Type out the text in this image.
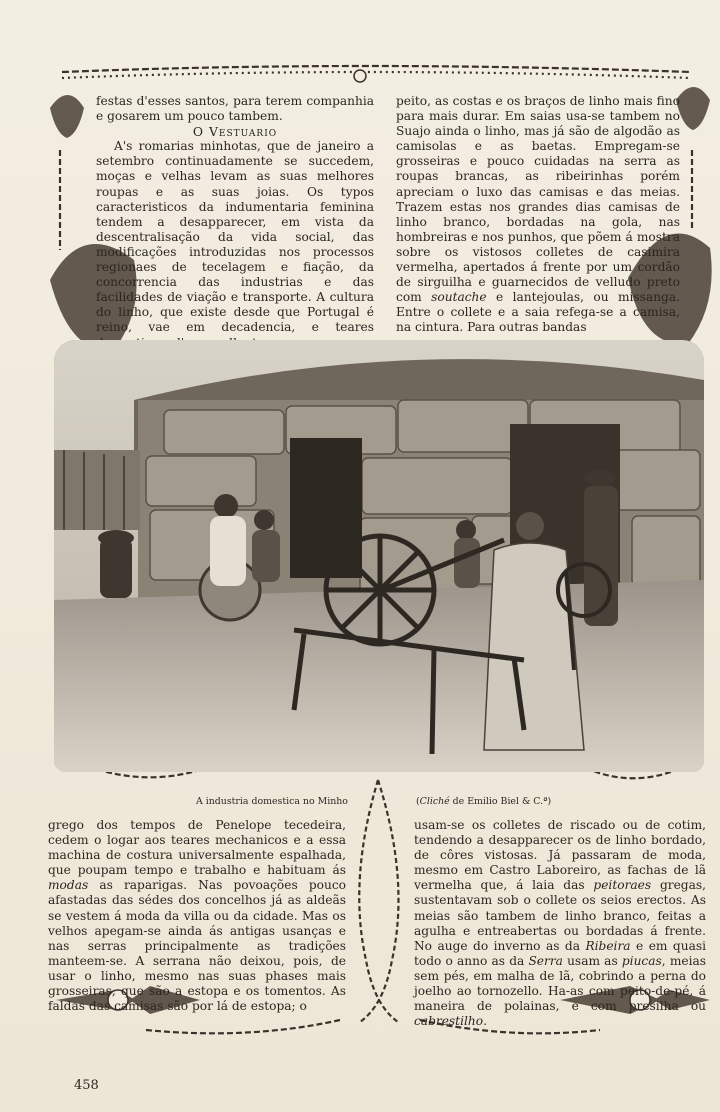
festas d'esses santos, para terem companhia e gosarem um pouco tambem.

O Vestuario

A's romarias minhotas, que de janeiro a setembro continuadamente se succedem, moças e velhas levam as suas melhores roupas e as suas joias. Os typos caracteristicos da indumentaria feminina tendem a desapparecer, em vista da descentralisação da vida social, das modificações introduzidas nos processos regionaes de tecelagem e fiação, da concorrencia das industrias e das facilidades de viação e transporte. A cultura do linho, que existe desde que Portugal é reino, vae em decadencia, e teares

peito, as costas e os braços de linho mais fino para mais durar. Em saias usa-se tambem no Suajo ainda o linho, mas já são de algodão as camisolas e as baetas. Empregam-se grosseiras e pouco cuidadas na serra as roupas brancas, as ribeirinhas porém apreciam o luxo das camisas e das meias. Trazem estas nos grandes dias camisas de linho branco, bordadas na gola, nas hombreiras e nos punhos, que põem á mostra sobre os vistosos colletes de casimira vermelha, apertados á frente por um cordão de sirguilha e guarnecidos de velludo preto com soutache e lantejoulas, ou missanga. Entre o collete e a saia refega-se a camisa, na cintura. Para outras bandas

A industria domestica no Minho	(Cliché de Emilio Biel & C.ª)

grego dos tempos de Penelope tecedeira, cedem o logar aos teares mechanicos e a essa machina de costura universalmente espalhada, que poupam tempo e trabalho e habituam ás modas as raparigas. Nas povoações pouco afastadas das sédes dos concelhos já as aldeãs se vestem á moda da villa ou da cidade. Mas os velhos apegam-se ainda ás antigas usanças e nas serras principalmente as tradições manteem-se. A serrana não deixou, pois, de usar o linho, mesmo nas suas phases mais grosseiras, que são a estopa e os tomentos. As faldas das camisas são por lá de estopa; o

usam-se os colletes de riscado ou de cotim, tendendo a desapparecer os de linho bordado, de côres vistosas. Já passaram de moda, mesmo em Castro Laboreiro, as fachas de lã vermelha que, á laia das peitoraes gregas, sustentavam sob o collete os seios erectos. As meias são tambem de linho branco, feitas a agulha e entreabertas ou bordadas á frente. No auge do inverno as da Ribeira e em quasi todo o anno as da Serra usam as piucas, meias sem pés, em malha de lã, cobrindo a perna do joelho ao tornozello. Ha-as com peito-de-pé, á maneira de polainas, e com presilha ou cabrestilho.

458
